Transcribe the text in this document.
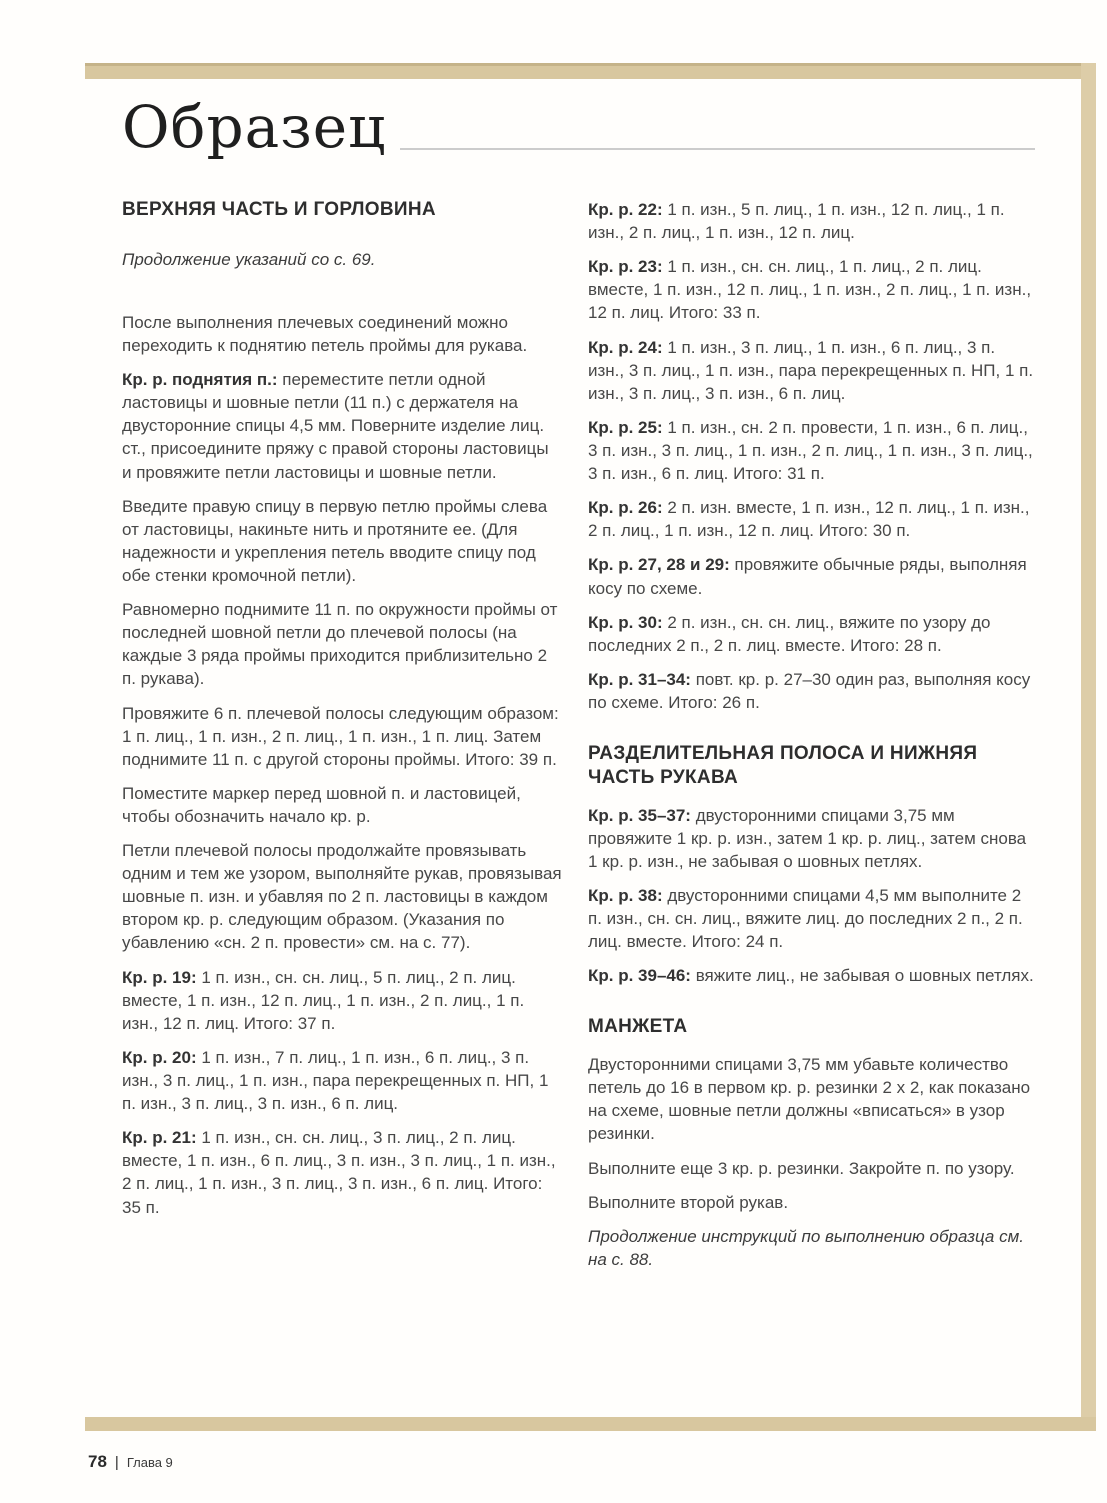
Образец
ВЕРХНЯЯ ЧАСТЬ И ГОРЛОВИНА

Продолжение указаний со с. 69.

После выполнения плечевых соединений можно переходить к поднятию петель проймы для рукава.

Кр. р. поднятия п.: переместите петли одной ластовицы и шовные петли (11 п.) с держателя на двусторонние спицы 4,5 мм. Поверните изделие лиц. ст., присоедините пряжу с правой стороны ластовицы и провяжите петли ластовицы и шовные петли.

Введите правую спицу в первую петлю проймы слева от ластовицы, накиньте нить и протяните ее. (Для надежности и укрепления петель вводите спицу под обе стенки кромочной петли).

Равномерно поднимите 11 п. по окружности проймы от последней шовной петли до плечевой полосы (на каждые 3 ряда проймы приходится приблизительно 2 п. рукава).

Провяжите 6 п. плечевой полосы следующим образом: 1 п. лиц., 1 п. изн., 2 п. лиц., 1 п. изн., 1 п. лиц. Затем поднимите 11 п. с другой стороны проймы. Итого: 39 п.

Поместите маркер перед шовной п. и ластовицей, чтобы обозначить начало кр. р.

Петли плечевой полосы продолжайте провязывать одним и тем же узором, выполняйте рукав, провязывая шовные п. изн. и убавляя по 2 п. ластовицы в каждом втором кр. р. следующим образом. (Указания по убавлению «сн. 2 п. провести» см. на с. 77).

Кр. р. 19: 1 п. изн., сн. сн. лиц., 5 п. лиц., 2 п. лиц. вместе, 1 п. изн., 12 п. лиц., 1 п. изн., 2 п. лиц., 1 п. изн., 12 п. лиц. Итого: 37 п.

Кр. р. 20: 1 п. изн., 7 п. лиц., 1 п. изн., 6 п. лиц., 3 п. изн., 3 п. лиц., 1 п. изн., пара перекрещенных п. НП, 1 п. изн., 3 п. лиц., 3 п. изн., 6 п. лиц.

Кр. р. 21: 1 п. изн., сн. сн. лиц., 3 п. лиц., 2 п. лиц. вместе, 1 п. изн., 6 п. лиц., 3 п. изн., 3 п. лиц., 1 п. изн., 2 п. лиц., 1 п. изн., 3 п. лиц., 3 п. изн., 6 п. лиц. Итого: 35 п.

Кр. р. 22: 1 п. изн., 5 п. лиц., 1 п. изн., 12 п. лиц., 1 п. изн., 2 п. лиц., 1 п. изн., 12 п. лиц.

Кр. р. 23: 1 п. изн., сн. сн. лиц., 1 п. лиц., 2 п. лиц. вместе, 1 п. изн., 12 п. лиц., 1 п. изн., 2 п. лиц., 1 п. изн., 12 п. лиц. Итого: 33 п.

Кр. р. 24: 1 п. изн., 3 п. лиц., 1 п. изн., 6 п. лиц., 3 п. изн., 3 п. лиц., 1 п. изн., пара перекрещенных п. НП, 1 п. изн., 3 п. лиц., 3 п. изн., 6 п. лиц.

Кр. р. 25: 1 п. изн., сн. 2 п. провести, 1 п. изн., 6 п. лиц., 3 п. изн., 3 п. лиц., 1 п. изн., 2 п. лиц., 1 п. изн., 3 п. лиц., 3 п. изн., 6 п. лиц. Итого: 31 п.

Кр. р. 26: 2 п. изн. вместе, 1 п. изн., 12 п. лиц., 1 п. изн., 2 п. лиц., 1 п. изн., 12 п. лиц. Итого: 30 п.

Кр. р. 27, 28 и 29: провяжите обычные ряды, выполняя косу по схеме.

Кр. р. 30: 2 п. изн., сн. сн. лиц., вяжите по узору до последних 2 п., 2 п. лиц. вместе. Итого: 28 п.

Кр. р. 31–34: повт. кр. р. 27–30 один раз, выполняя косу по схеме. Итого: 26 п.

РАЗДЕЛИТЕЛЬНАЯ ПОЛОСА И НИЖНЯЯ ЧАСТЬ РУКАВА

Кр. р. 35–37: двусторонними спицами 3,75 мм провяжите 1 кр. р. изн., затем 1 кр. р. лиц., затем снова 1 кр. р. изн., не забывая о шовных петлях.

Кр. р. 38: двусторонними спицами 4,5 мм выполните 2 п. изн., сн. сн. лиц., вяжите лиц. до последних 2 п., 2 п. лиц. вместе. Итого: 24 п.

Кр. р. 39–46: вяжите лиц., не забывая о шовных петлях.

МАНЖЕТА

Двусторонними спицами 3,75 мм убавьте количество петель до 16 в первом кр. р. резинки 2 х 2, как показано на схеме, шовные петли должны «вписаться» в узор резинки.

Выполните еще 3 кр. р. резинки. Закройте п. по узору.

Выполните второй рукав.

Продолжение инструкций по выполнению образца см. на с. 88.

78 | Глава 9
